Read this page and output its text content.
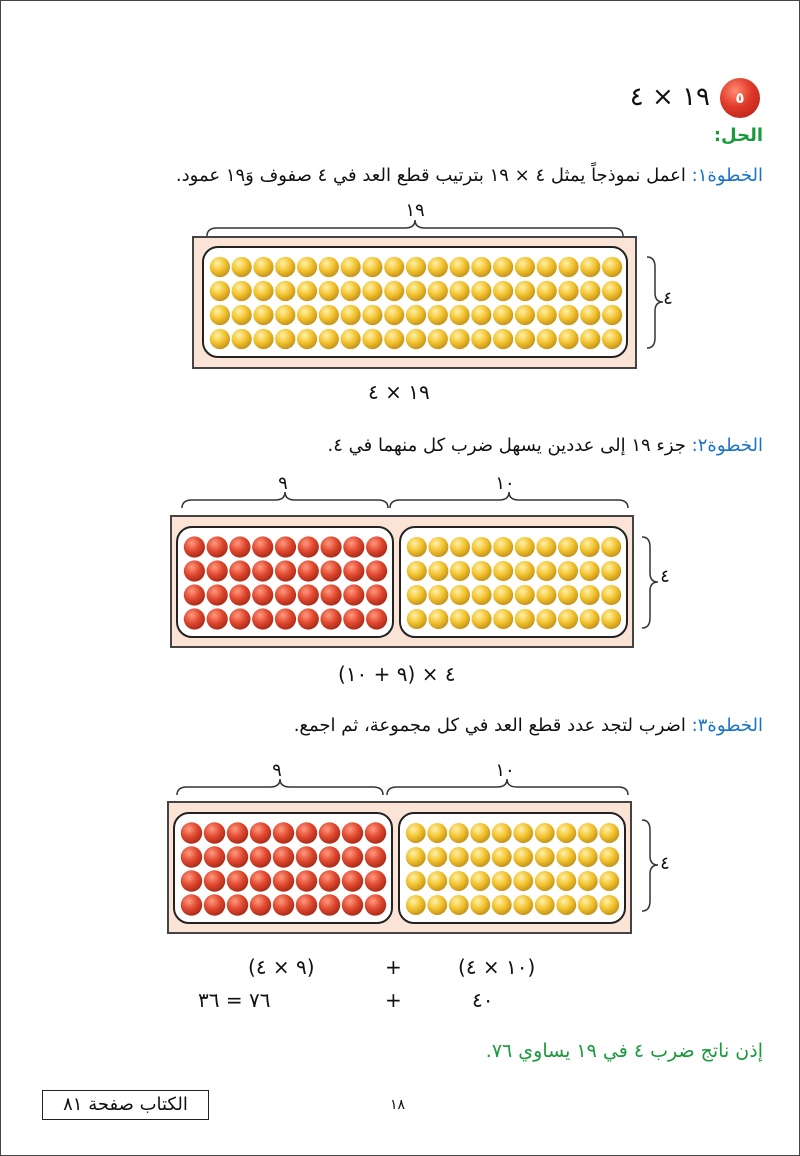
٥
١٩ × ٤
الحل:
الخطوة١: اعمل نموذجاً يمثل ٤ × ١٩ بترتيب قطع العد في ٤ صفوف وَ١٩ عمود.
١٩
٤
١٩ × ٤
الخطوة٢: جزء ١٩ إلى عددين يسهل ضرب كل منهما في ٤.
٩	١٠
٤
(٩ + ١٠) × ٤
الخطوة٣: اضرب لتجد عدد قطع العد في كل مجموعة، ثم اجمع.
٩	١٠
٤
(٩ × ٤)	+	(١٠ × ٤)
٧٦ = ٣٦	+	٤٠
إذن ناتج ضرب ٤ في ١٩ يساوي ٧٦.
الكتاب صفحة ٨١	١٨
